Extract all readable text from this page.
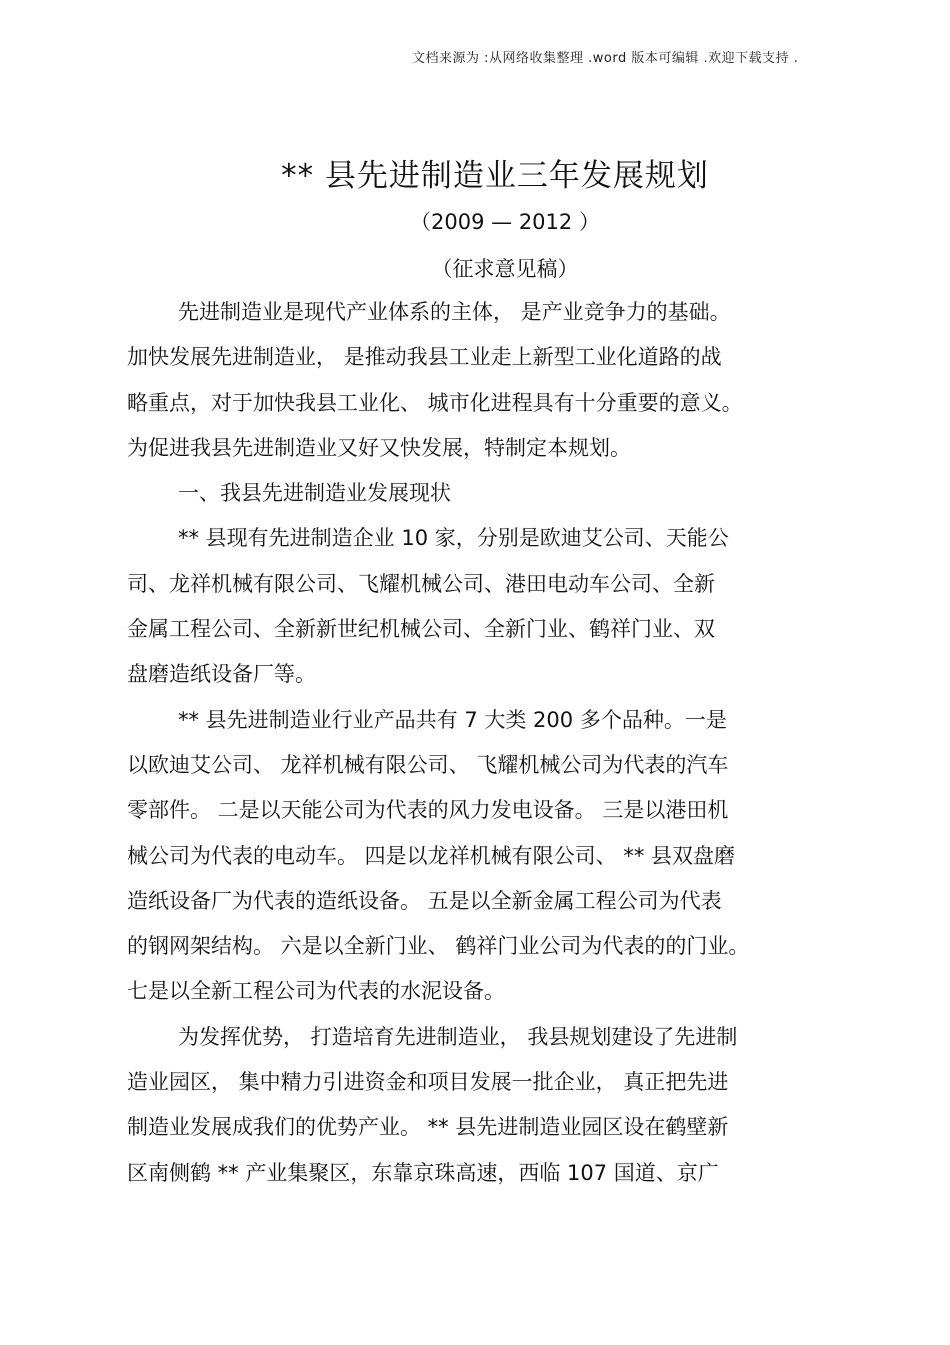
文档来源为 :从网络收集整理 .word 版本可编辑 .欢迎下载支持 .
** 县先进制造业三年发展规划
（2009 — 2012 ）
（征求意见稿）
先进制造业是现代产业体系的主体， 是产业竞争力的基础。
加快发展先进制造业， 是推动我县工业走上新型工业化道路的战
略重点，对于加快我县工业化、 城市化进程具有十分重要的意义。
为促进我县先进制造业又好又快发展，特制定本规划。
一、我县先进制造业发展现状
** 县现有先进制造企业 10 家，分别是欧迪艾公司、天能公
司、龙祥机械有限公司、飞耀机械公司、港田电动车公司、全新
金属工程公司、全新新世纪机械公司、全新门业、鹤祥门业、双
盘磨造纸设备厂等。
** 县先进制造业行业产品共有 7 大类 200 多个品种。一是
以欧迪艾公司、 龙祥机械有限公司、 飞耀机械公司为代表的汽车
零部件。 二是以天能公司为代表的风力发电设备。 三是以港田机
械公司为代表的电动车。 四是以龙祥机械有限公司、 ** 县双盘磨
造纸设备厂为代表的造纸设备。 五是以全新金属工程公司为代表
的钢网架结构。 六是以全新门业、 鹤祥门业公司为代表的的门业。
七是以全新工程公司为代表的水泥设备。
为发挥优势， 打造培育先进制造业， 我县规划建设了先进制
造业园区， 集中精力引进资金和项目发展一批企业， 真正把先进
制造业发展成我们的优势产业。 ** 县先进制造业园区设在鹤壁新
区南侧鹤 ** 产业集聚区，东靠京珠高速，西临 107 国道、京广
